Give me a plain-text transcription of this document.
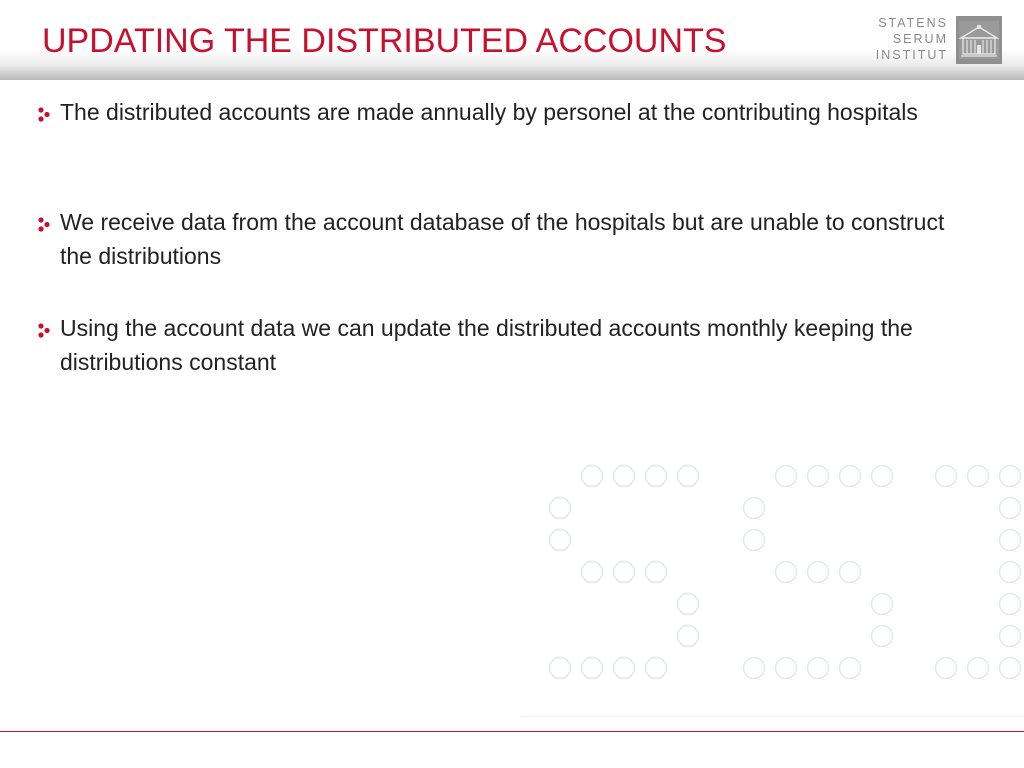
UPDATING THE DISTRIBUTED ACCOUNTS	STATENS
SERUM
INSTITUT
The distributed accounts are made annually by personel at the contributing hospitals
We receive data from the account database of the hospitals but are unable to construct the distributions
Using the account data we can update the distributed accounts monthly keeping the distributions constant
